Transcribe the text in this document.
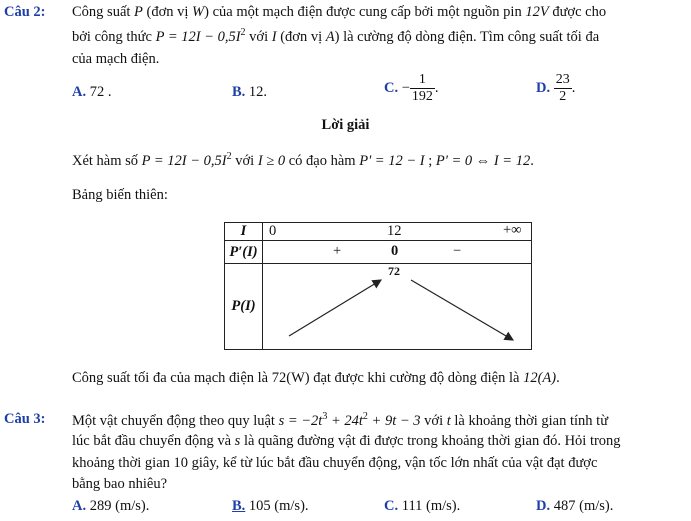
Câu 2: Công suất P (đơn vị W) của một mạch điện được cung cấp bởi một nguồn pin 12V được cho
bởi công thức $P = 12I - 0,5I^2$ với I (đơn vị A) là cường độ dòng điện. Tìm công suất tối đa
của mạch điện.
A. 72 .	B. 12.	C. − $\frac{1}{192}$ .	D. $\frac{23}{2}$ .
Lời giải
Xét hàm số $P = 12I - 0,5I^2$ với I ≥ 0 có đạo hàm P' = 12 − I ; P' = 0 ⇔ I = 12.
Bảng biến thiên:
I	0 12 +∞

P′(I)	+ 0 −

P(I)	72
Công suất tối đa của mạch điện là 72(W) đạt được khi cường độ dòng điện là 12(A).
Câu 3: Một vật chuyển động theo quy luật $s = -2t^3 + 24t^2 + 9t - 3$ với t là khoảng thời gian tính từ
lúc bắt đầu chuyển động và s là quãng đường vật đi được trong khoảng thời gian đó. Hỏi trong
khoảng thời gian 10 giây, kể từ lúc bắt đầu chuyển động, vận tốc lớn nhất của vật đạt được
bằng bao nhiêu?
A. 289 (m/s).	B. 105 (m/s).	C. 111 (m/s).	D. 487 (m/s).
